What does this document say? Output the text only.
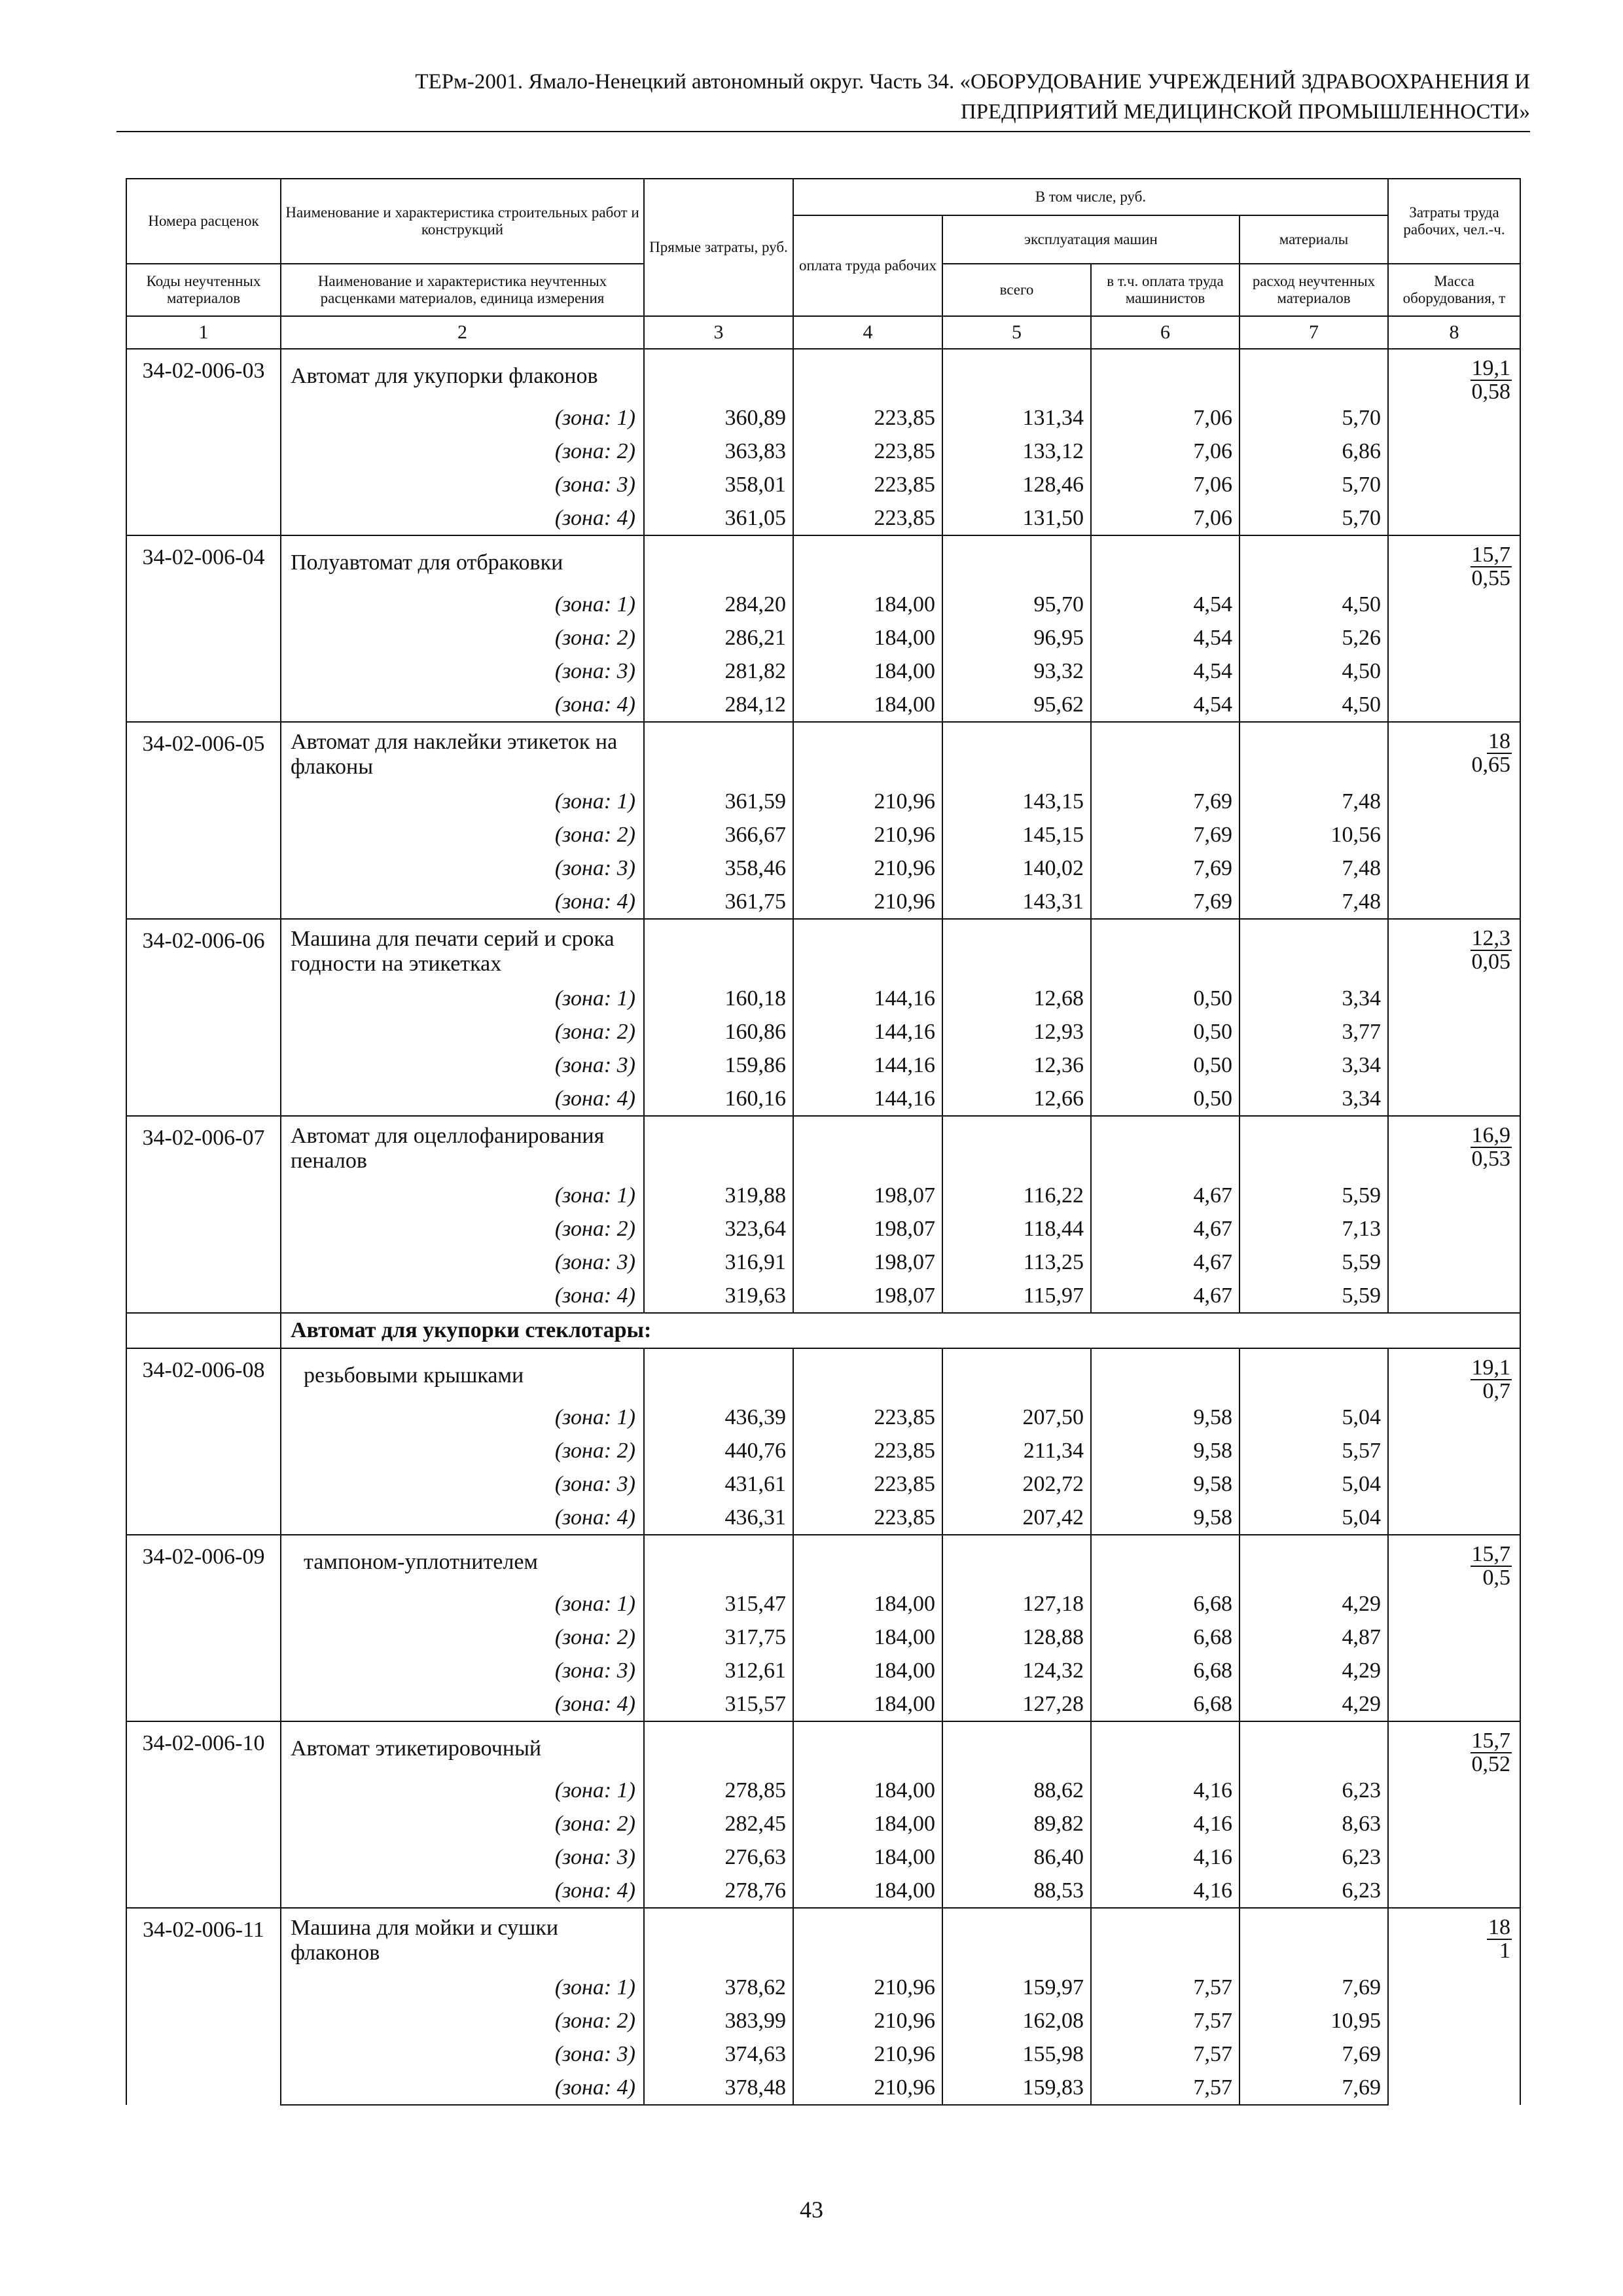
ТЕРм-2001. Ямало-Ненецкий автономный округ. Часть 34. «ОБОРУДОВАНИЕ УЧРЕЖДЕНИЙ ЗДРАВООХРАНЕНИЯ И
ПРЕДПРИЯТИЙ МЕДИЦИНСКОЙ ПРОМЫШЛЕННОСТИ»
Номера расценок	Наименование и характеристика строительных работ и конструкций	Прямые затраты, руб.	В том числе, руб.				Затраты труда рабочих, чел.-ч.
			оплата труда рабочих	эксплуатация машин		материалы	
Коды неучтенных материалов	Наименование и характеристика неучтенных расценками материалов, единица измерения			всего	в т.ч. оплата труда машинистов	расход неучтенных материалов	Масса оборудования, т
1	2	3	4	5	6	7	8
34-02-006-03	Автомат для укупорки флаконов						19,1
0,58

	(зона: 1)	360,89	223,85	131,34	7,06	5,70	
	(зона: 2)	363,83	223,85	133,12	7,06	6,86	
	(зона: 3)	358,01	223,85	128,46	7,06	5,70	
	(зона: 4)	361,05	223,85	131,50	7,06	5,70	
34-02-006-04	Полуавтомат для отбраковки						15,7
0,55

	(зона: 1)	284,20	184,00	95,70	4,54	4,50	
	(зона: 2)	286,21	184,00	96,95	4,54	5,26	
	(зона: 3)	281,82	184,00	93,32	4,54	4,50	
	(зона: 4)	284,12	184,00	95,62	4,54	4,50	
34-02-006-05	Автомат для наклейки этикеток на флаконы						18
0,65

	(зона: 1)	361,59	210,96	143,15	7,69	7,48	
	(зона: 2)	366,67	210,96	145,15	7,69	10,56	
	(зона: 3)	358,46	210,96	140,02	7,69	7,48	
	(зона: 4)	361,75	210,96	143,31	7,69	7,48	
34-02-006-06	Машина для печати серий и срока годности на этикетках						12,3
0,05

	(зона: 1)	160,18	144,16	12,68	0,50	3,34	
	(зона: 2)	160,86	144,16	12,93	0,50	3,77	
	(зона: 3)	159,86	144,16	12,36	0,50	3,34	
	(зона: 4)	160,16	144,16	12,66	0,50	3,34	
34-02-006-07	Автомат для оцеллофанирования пеналов						16,9
0,53

	(зона: 1)	319,88	198,07	116,22	4,67	5,59	
	(зона: 2)	323,64	198,07	118,44	4,67	7,13	
	(зона: 3)	316,91	198,07	113,25	4,67	5,59	
	(зона: 4)	319,63	198,07	115,97	4,67	5,59	
	Автомат для укупорки стеклотары:						
34-02-006-08	резьбовыми крышками						19,1
0,7

	(зона: 1)	436,39	223,85	207,50	9,58	5,04	
	(зона: 2)	440,76	223,85	211,34	9,58	5,57	
	(зона: 3)	431,61	223,85	202,72	9,58	5,04	
	(зона: 4)	436,31	223,85	207,42	9,58	5,04	
34-02-006-09	тампоном-уплотнителем						15,7
0,5

	(зона: 1)	315,47	184,00	127,18	6,68	4,29	
	(зона: 2)	317,75	184,00	128,88	6,68	4,87	
	(зона: 3)	312,61	184,00	124,32	6,68	4,29	
	(зона: 4)	315,57	184,00	127,28	6,68	4,29	
34-02-006-10	Автомат этикетировочный						15,7
0,52

	(зона: 1)	278,85	184,00	88,62	4,16	6,23	
	(зона: 2)	282,45	184,00	89,82	4,16	8,63	
	(зона: 3)	276,63	184,00	86,40	4,16	6,23	
	(зона: 4)	278,76	184,00	88,53	4,16	6,23	
34-02-006-11	Машина для мойки и сушки флаконов						18
1

	(зона: 1)	378,62	210,96	159,97	7,57	7,69	
	(зона: 2)	383,99	210,96	162,08	7,57	10,95	
	(зона: 3)	374,63	210,96	155,98	7,57	7,69	
	(зона: 4)	378,48	210,96	159,83	7,57	7,69	
43
